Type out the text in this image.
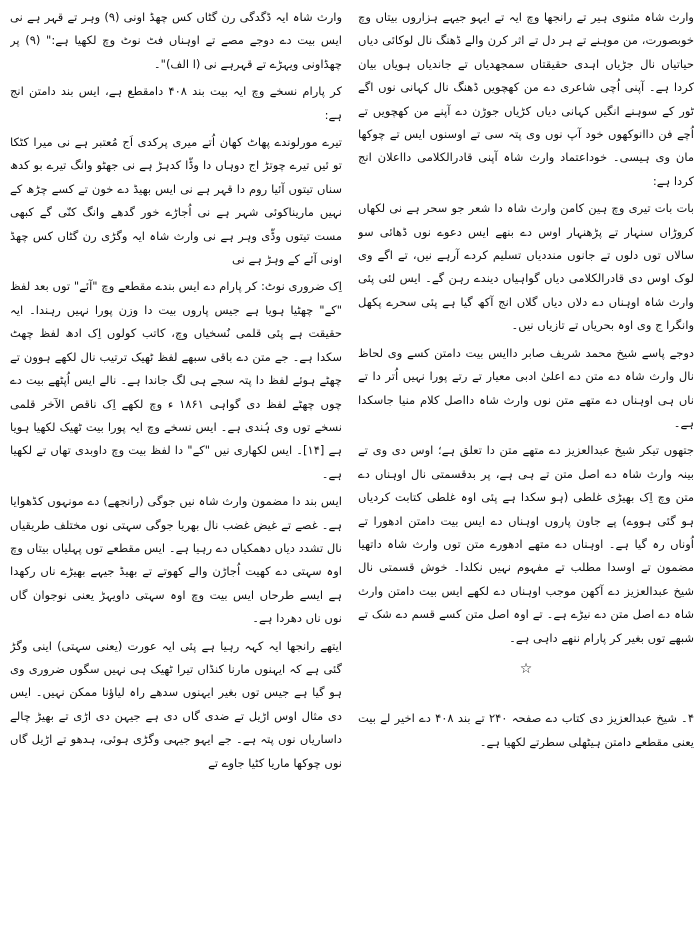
وارث شاہ مثنوی ہیر تے رانجھا وچ ایہ تے ایہو جیہے ہزاروں بیتاں وچ خوبصورت، من موہنے تے ہر دل تے اثر کرن والے ڈھنگ نال لوکائی دیاں حیاتیاں نال جڑیاں اہدی حقیقتاں سمجھدیاں تے جاندیاں ہویاں بیان کردا ہے۔ آپنی اُچی شاعری دے من کھچویں ڈھنگ نال کہانی نوں اگے ٹور کے سوہنے انگیں کہانی دیاں کڑیاں جوڑن دے آپنے من کھچویں تے اُچے فن داانوکھوں خود آپ نوں وی پتہ سی تے اوسنوں ایس تے چوکھا مان وی ہیسی۔ خوداعتماد وارث شاہ آپنی قادرالکلامی دااعلان انج کردا ہے:

بات بات تیری وچ ہین کامن وارث شاہ دا شعر جو سحر ہے نی لکھاں کروڑاں سنہار تے پڑھنہار اوس دے بنھے ایس دعوے نوں ڈھائی سو سالاں توں دلوں تے جانوں منددیاں تسلیم کردے آرہے نیں، تے اگے وی لوک اوس دی قادرالکلامی دیاں گواہیاں دیندے رہن گے۔ ایس لئی پئی وارث شاہ اوہناں دے دلاں دیاں گلاں انج آکھ گیا ہے پئی سحرے پکھل وانگرا ج وی اوہ بحریاں تے تازیاں نیں۔

دوجے پاسے شیخ محمد شریف صابر داایس بیت دامتن کسے وی لحاظ نال وارث شاہ دے متن دے اعلیٰ ادبی معیار تے رتے پورا نہیں اُتر دا تے ناں ہی اوہناں دے متھے متن نوں وارث شاہ دااصل کلام منیا جاسکدا ہے۔

جتھوں تیکر شیخ عبدالعزیز دے متھے متن دا تعلق ہے؛ اوس دی وی تے بینہ وارث شاہ دے اصل متن تے ہی ہے، پر بدقسمتی نال اوہناں دے متن وچ اِک بھیڑی غلطی (ہو سکدا ہے پئی اوہ غلطی کتابت کردیاں ہو گئی ہووے) پے جاون پاروں اوہناں دے ایس بیت دامتن ادھورا تے اُوناں رہ گیا ہے۔ اوہناں دے متھے ادھورے متن توں وارث شاہ داتھیا مضمون تے اوسدا مطلب تے مفہوم نہیں نکلدا۔ خوش قسمتی نال شیخ عبدالعزیز دے آکھن موجب اوہناں دے لکھے ایس بیت دامتن وارث شاہ دے اصل متن دے نیڑے ہے۔ تے اوہ اصل متن کسے قسم دے شک تے شبھے توں بغیر کر پارام ننھے داہی ہے۔

☆

۴۔ شیخ عبدالعزیز دی کتاب دے صفحہ ۲۴۰ تے بند ۴۰۸ دے اخیر لے بیت یعنی مقطعے دامتن ہیٹھلی سطرتے لکھیا ہے۔

وارث شاہ ایہ ڈگدگی رن گٹاں کس چھڈ اونی (۹) وہر تے قہر ہے نی ایس بیت دے دوجے مصے تے اوہناں فٹ نوٹ وچ لکھیا ہے:" (۹) پر چھڈاونی ویہڑے تے قہرہے نی (ا الف)"۔

کر پارام نسخے وچ ایہ بیت بند ۴۰۸ دامقطع ہے، ایس بند دامتن انج ہے:

تیرے مورلوندے پھاٹ کھان اُتے میری پرکدی اَج مُعتبر ہے نی میرا کٹکا تو ئیں تیرے چوتڑ اج دوہاں دا وڈّا کدہڑ ہے نی جھٹو وانگ تیرے بو کدھ سناں تیتوں آئیا روم دا قہر ہے نی ایس بھیڈ دے خون تے کسے چڑھ کے نہیں ماریناکوئی شہر ہے نی اُجاڑے خور گدھے وانگ کنّی گے کبھی مست تیتوں وڈّی وہر ہے نی وارث شاہ ایہ وگڑی رن گٹاں کس چھڈ اونی آئے کے وہڑ ہے نی

اِک ضروری نوٹ: کر پارام دے ایس بندے مقطعے وچ "آئے" توں بعد لفظ "کے" چھٹیا ہویا ہے جیس پاروں بیت دا وزن پورا نہیں رہندا۔ ایہ حقیقت ہے پئی قلمی نُسخیاں وچ، کاتب کولوں اِک ادھ لفظ چھٹ سکدا ہے۔ جے متن دے باقی سبھے لفظ ٹھیک ترتیب نال لکھے ہوون تے چھٹے ہوئے لفظ دا پتہ سجے ہی لگ جاندا ہے۔ نالے ایس اُپٹھے بیت دے چوں چھٹے لفظ دی گواہی ۱۸۶۱ ء وچ لکھے اِک ناقص الآخر قلمی نسخے توں وی ہُندی ہے۔ ایس نسخے وچ ایہ پورا بیت ٹھیک لکھیا ہویا ہے [۱۴]۔ ایس لکھاری نیں "کے" دا لفظ بیت وچ داوبدی تھاں تے لکھیا ہے۔

ایس بند دا مضمون وارث شاہ نیں جوگی (رانجھے) دے مونہوں کڈھوایا ہے۔ غصے تے غیض غضب نال بھریا جوگی سہتی نوں مختلف طریقیاں نال تشدد دیاں دھمکیاں دے رہیا ہے۔ ایس مقطعے توں پہلیاں بیتاں وچ اوہ سہتی دے کھیت اُجاڑن والے کھوتے تے بھیڈ جیہے بھیڑے ناں رکھدا ہے ایسے طرحاں ایس بیت وچ اوہ سہتی داویہڑ یعنی نوجوان گاں نوں ناں دھردا ہے۔

ایتھے رانجھا ایہ کہہ رہیا ہے پئی ایہ عورت (یعنی سہتی) اینی وگڑ گئی ہے کہ ایہنوں مارنا کنڈاں تیرا ٹھیک ہی نہیں سگوں ضروری وی ہو گیا ہے جیس توں بغیر ایہنوں سدھے راہ لیاؤنا ممکن نہیں۔ ایس دی مثال اوس اڑیل تے ضدی گاں دی ہے جیہن دی اڑی تے بھیڑ چالے داساریاں نوں پتہ ہے۔ جے ایہو جیہی وگڑی ہوئی، ہدھو تے اڑیل گاں نوں چوکھا ماریا کٹیا جاوے تے
